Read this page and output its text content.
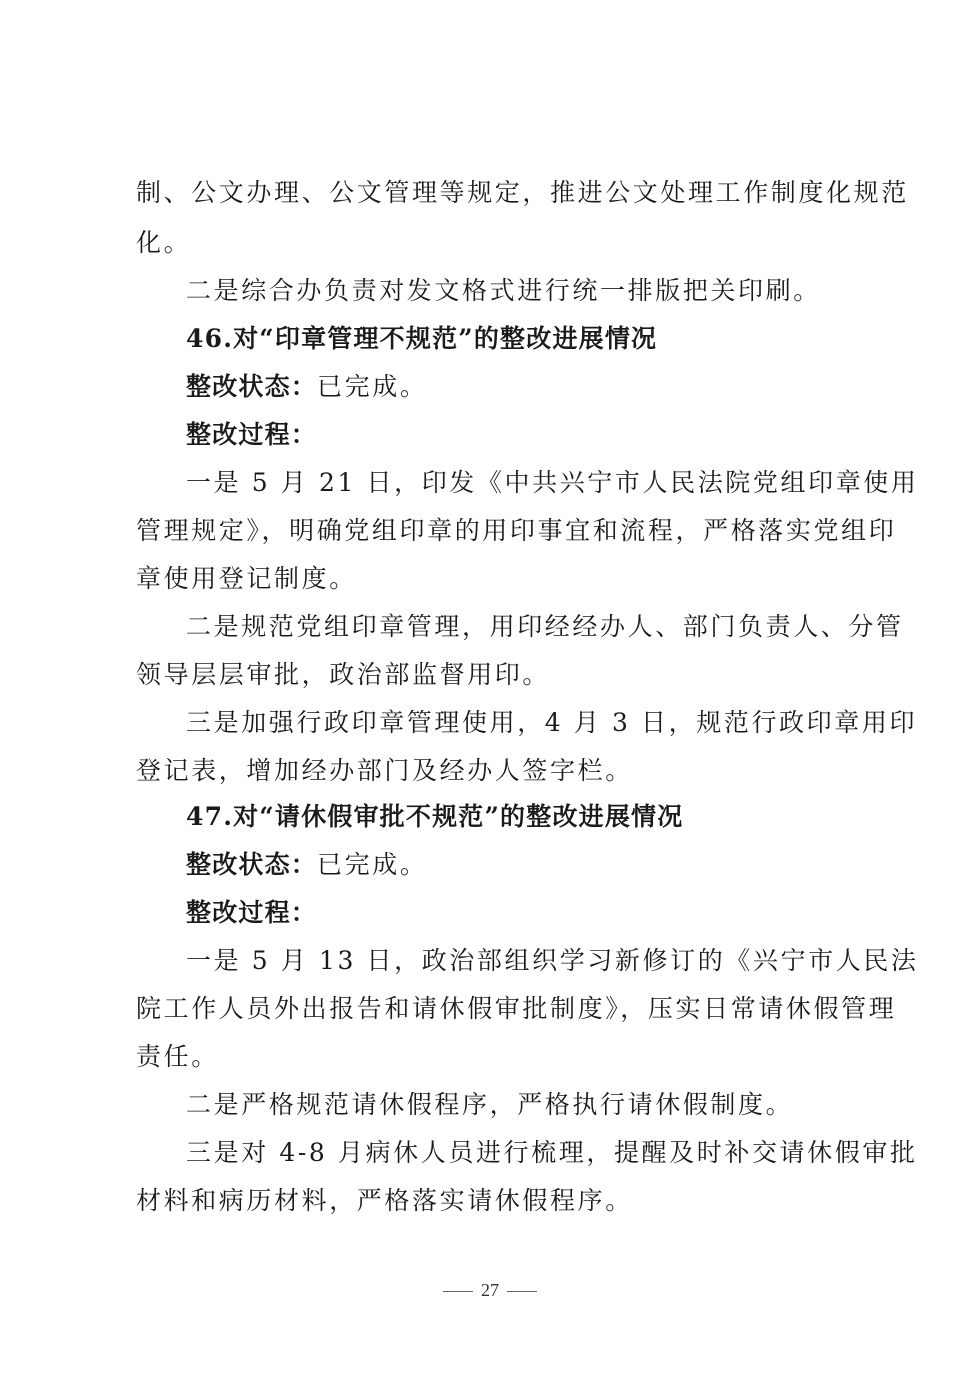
制、公文办理、公文管理等规定，推进公文处理工作制度化规范
化。
二是综合办负责对发文格式进行统一排版把关印刷。
46.对“印章管理不规范”的整改进展情况
整改状态：已完成。
整改过程：
一是 5 月 21 日，印发《中共兴宁市人民法院党组印章使用
管理规定》，明确党组印章的用印事宜和流程，严格落实党组印
章使用登记制度。
二是规范党组印章管理，用印经经办人、部门负责人、分管
领导层层审批，政治部监督用印。
三是加强行政印章管理使用，4 月 3 日，规范行政印章用印
登记表，增加经办部门及经办人签字栏。
47.对“请休假审批不规范”的整改进展情况
整改状态：已完成。
整改过程：
一是 5 月 13 日，政治部组织学习新修订的《兴宁市人民法
院工作人员外出报告和请休假审批制度》，压实日常请休假管理
责任。
二是严格规范请休假程序，严格执行请休假制度。
三是对 4-8 月病休人员进行梳理，提醒及时补交请休假审批
材料和病历材料，严格落实请休假程序。
27
